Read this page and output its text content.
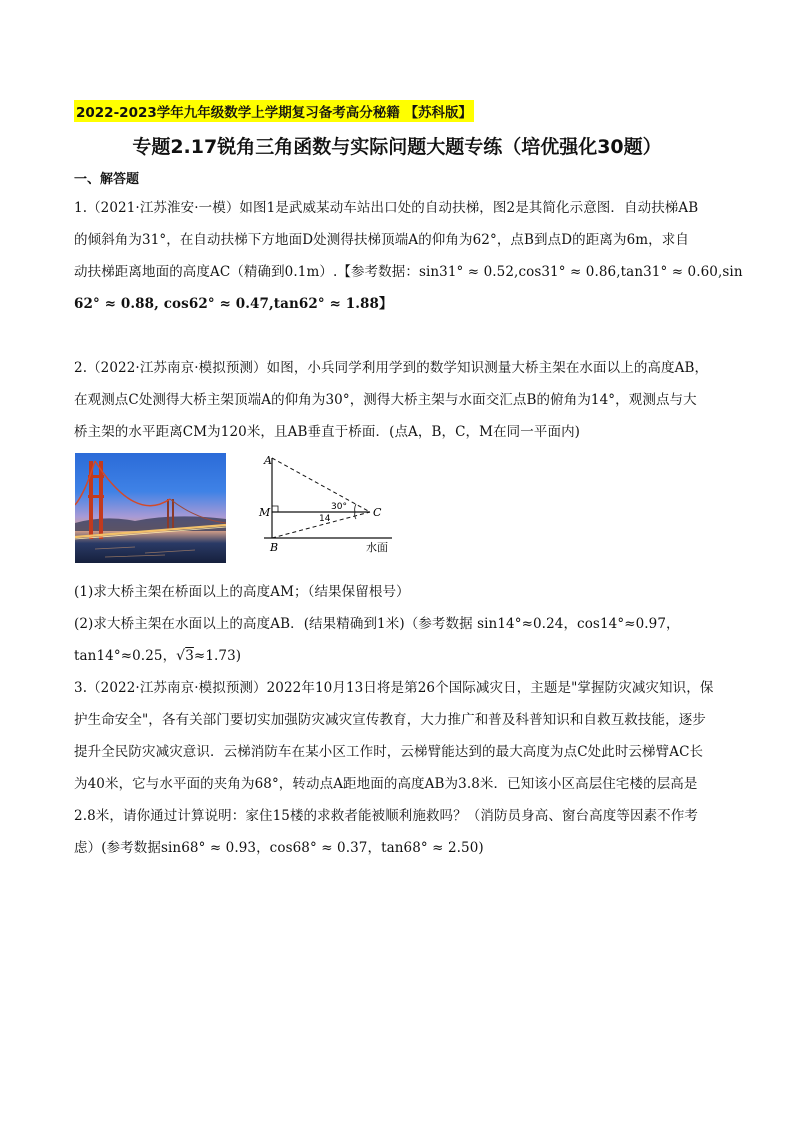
2022-2023学年九年级数学上学期复习备考高分秘籍 【苏科版】
专题2.17锐角三角函数与实际问题大题专练（培优强化30题）
一、解答题
1.（2021·江苏淮安·一模）如图1是武威某动车站出口处的自动扶梯，图2是其简化示意图．自动扶梯AB
的倾斜角为31°，在自动扶梯下方地面D处测得扶梯顶端A的仰角为62°，点B到点D的距离为6m，求自
动扶梯距离地面的高度AC（精确到0.1m）.【参考数据：sin31° ≈ 0.52,cos31° ≈ 0.86,tan31° ≈ 0.60,sin
62° ≈ 0.88, cos62° ≈ 0.47,tan62° ≈ 1.88】
2.（2022·江苏南京·模拟预测）如图，小兵同学利用学到的数学知识测量大桥主架在水面以上的高度AB，
在观测点C处测得大桥主架顶端A的仰角为30°，测得大桥主架与水面交汇点B的俯角为14°，观测点与大
桥主架的水平距离CM为120米，且AB垂直于桥面．(点A，B，C，M在同一平面内)
A
M
B
C
30°
14
水面
(1)求大桥主架在桥面以上的高度AM；（结果保留根号）
(2)求大桥主架在水面以上的高度AB．(结果精确到1米)（参考数据 sin14°≈0.24，cos14°≈0.97，
tan14°≈0.25，√3≈1.73)
3.（2022·江苏南京·模拟预测）2022年10月13日将是第26个国际减灾日，主题是"掌握防灾减灾知识，保
护生命安全"，各有关部门要切实加强防灾减灾宣传教育，大力推广和普及科普知识和自救互救技能，逐步
提升全民防灾减灾意识．云梯消防车在某小区工作时，云梯臂能达到的最大高度为点C处此时云梯臂AC长
为40米，它与水平面的夹角为68°，转动点A距地面的高度AB为3.8米．已知该小区高层住宅楼的层高是
2.8米，请你通过计算说明：家住15楼的求救者能被顺利施救吗？（消防员身高、窗台高度等因素不作考
虑）(参考数据sin68° ≈ 0.93，cos68° ≈ 0.37，tan68° ≈ 2.50)
